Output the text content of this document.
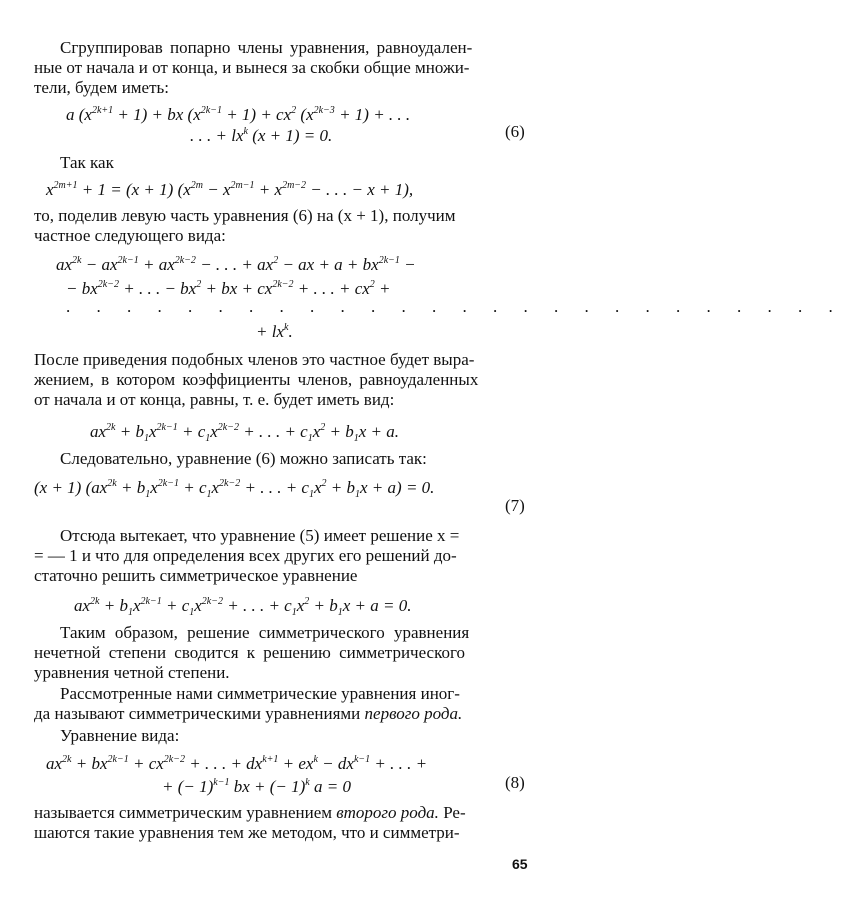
Сгруппировав попарно члены уравнения, равноудален-
ные от начала и от конца, и вынеся за скобки общие множи-
тели, будем иметь:
a $(x^{2k+1} + 1)$ + bx $(x^{2k-1} + 1) + cx^2$ $(x^{2k-3} + 1)$ + . . .
. . . + $lx^k$ (x + 1) = 0.	(6)
Так как
$x^{2m+1} + 1 = (x + 1) (x^{2m} - x^{2m-1} + x^{2m-2}$ − . . . − x + 1),
то, поделив левую часть уравнения (6) на (x + 1), получим
частное следующего вида:
$ax^{2k} - ax^{2k-1} + ax^{2k-2}$ − . . . + $ax^2$ − ax + $a + bx^{2k-1}$ −
− $bx^{2k-2}$ + . . . − $bx^2$ + bx + $cx^{2k-2}$ + . . . + $cx^2$ +
. . . . . . . . . . . . . . . . . . . . . . . . . .
+ $lx^k$.
После приведения подобных членов это частное будет выра-
жением, в котором коэффициенты членов, равноудаленных
от начала и от конца, равны, т. е. будет иметь вид:
$ax^{2k} + b_1x^{2k-1} + c_1x^{2k-2}$ + . . . + $c_1x^2 + b_1x + a$.
Следовательно, уравнение (6) можно записать так:
(x + 1) ($ax^{2k} + b_1x^{2k-1} + c_1x^{2k-2}$ + . . . + $c_1x^2 + b_1x + a) = 0$.
(7)
Отсюда вытекает, что уравнение (5) имеет решение x =
= — 1 и что для определения всех других его решений до-
статочно решить симметрическое уравнение
$ax^{2k} + b_1x^{2k-1} + c_1x^{2k-2}$ + . . . + $c_1x^2 + b_1x + a = 0$.
Таким образом, решение симметрического уравнения
нечетной степени сводится к решению симметрического
уравнения четной степени.
Рассмотренные нами симметрические уравнения иног-
да называют симметрическими уравнениями первого рода.
Уравнение вида:
$ax^{2k} + bx^{2k-1} + cx^{2k-2}$ + . . . + $dx^{k+1} + ex^k - dx^{k-1}$ + . . . +
+ (− 1)$^{k-1}$ bx + (− 1)$^k$ a = 0	(8)
называется симметрическим уравнением второго рода. Ре-
шаются такие уравнения тем же методом, что и симметри-
65
